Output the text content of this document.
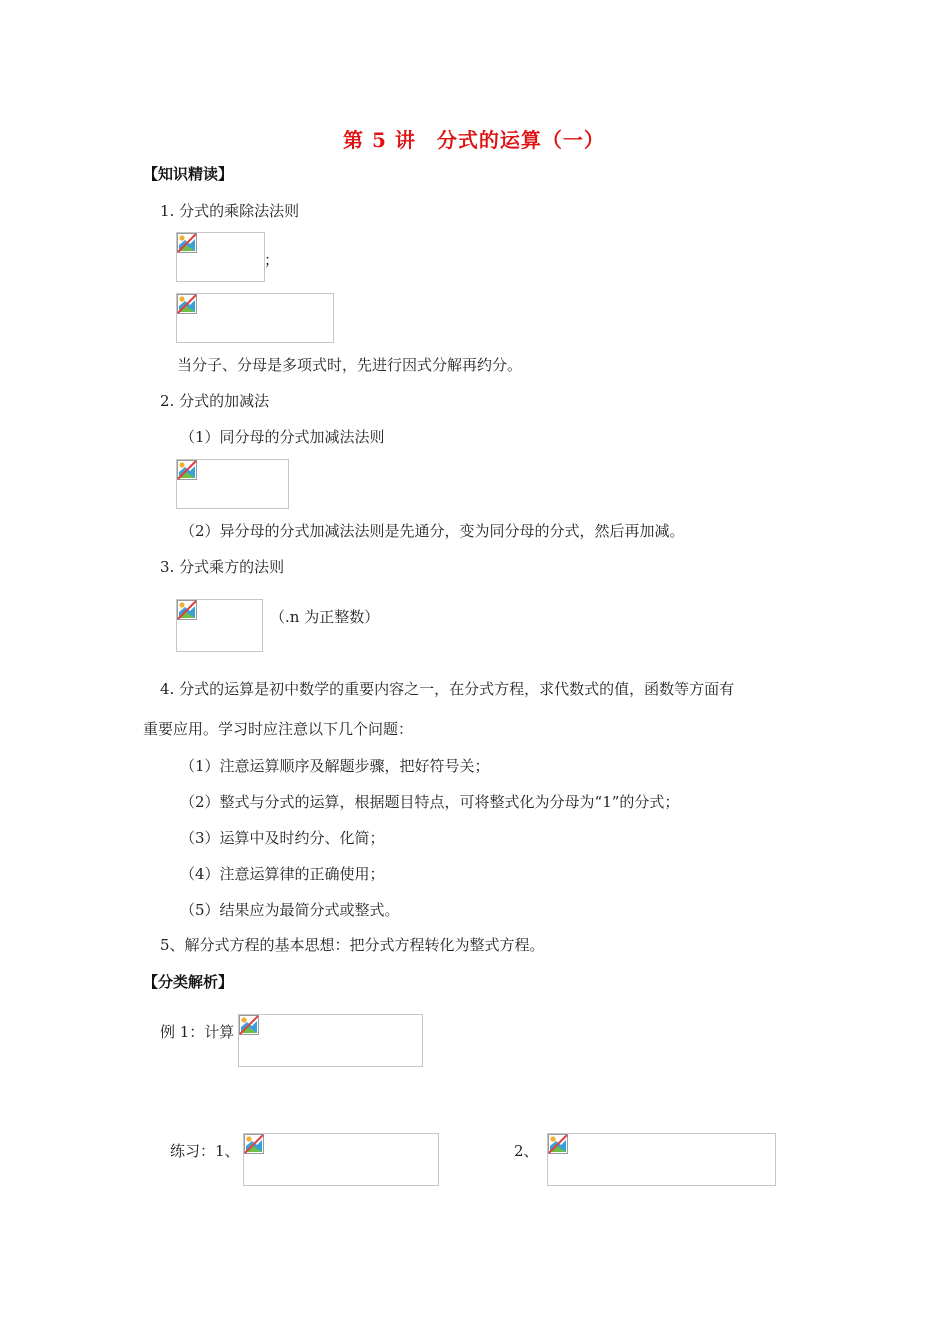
第 5 讲　分式的运算（一）
【知识精读】
1. 分式的乘除法法则
；
当分子、分母是多项式时，先进行因式分解再约分。
2. 分式的加减法
（1）同分母的分式加减法法则
（2）异分母的分式加减法法则是先通分，变为同分母的分式，然后再加减。
3. 分式乘方的法则
（.n 为正整数）
4. 分式的运算是初中数学的重要内容之一，在分式方程，求代数式的值，函数等方面有
重要应用。学习时应注意以下几个问题：
（1）注意运算顺序及解题步骤，把好符号关；
（2）整式与分式的运算，根据题目特点，可将整式化为分母为“1”的分式；
（3）运算中及时约分、化简；
（4）注意运算律的正确使用；
（5）结果应为最简分式或整式。
5、解分式方程的基本思想：把分式方程转化为整式方程。
【分类解析】
例 1：计算
练习：1、	2、
